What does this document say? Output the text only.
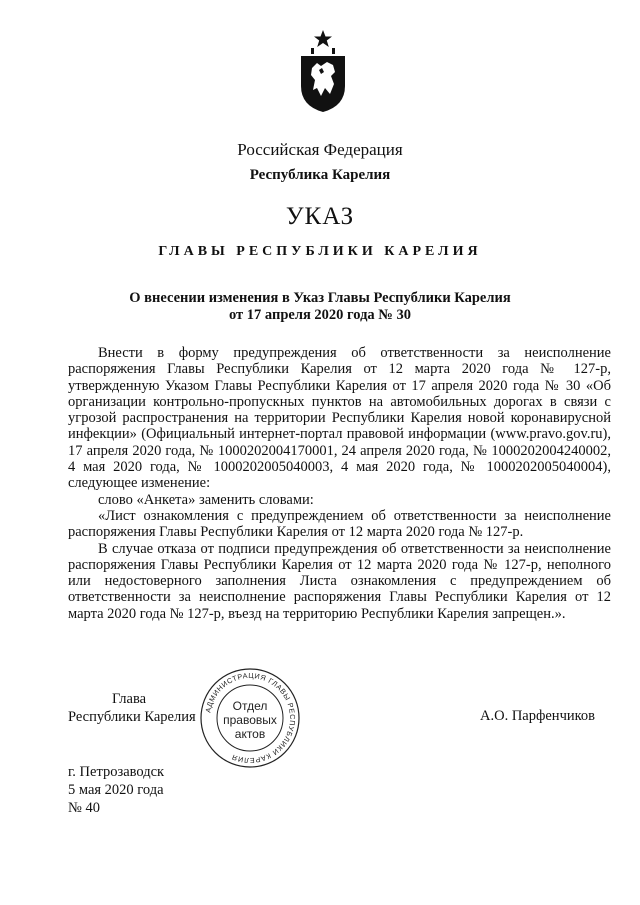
Российская Федерация
Республика Карелия
УКАЗ
ГЛАВЫ РЕСПУБЛИКИ КАРЕЛИЯ
О внесении изменения в Указ Главы Республики Карелия
от 17 апреля 2020 года № 30

Внести в форму предупреждения об ответственности за неисполнение распоряжения Главы Республики Карелия от 12 марта 2020 года № 127-р, утвержденную Указом Главы Республики Карелия от 17 апреля 2020 года № 30 «Об организации контрольно-пропускных пунктов на автомобильных дорогах в связи с угрозой распространения на территории Республики Карелия новой коронавирусной инфекции» (Официальный интернет-портал правовой информации (www.pravo.gov.ru), 17 апреля 2020 года, № 1000202004170001, 24 апреля 2020 года, № 1000202004240002, 4 мая 2020 года, № 1000202005040003, 4 мая 2020 года, № 1000202005040004), следующее изменение:

слово «Анкета» заменить словами:

«Лист ознакомления с предупреждением об ответственности за неисполнение распоряжения Главы Республики Карелия от 12 марта 2020 года № 127-р.

В случае отказа от подписи предупреждения об ответственности за неисполнение распоряжения Главы Республики Карелия от 12 марта 2020 года № 127-р, неполного или недостоверного заполнения Листа ознакомления с предупреждением об ответственности за неисполнение распоряжения Главы Республики Карелия от 12 марта 2020 года № 127-р, въезд на территорию Республики Карелия запрещен.».

Глава
Республики Карелия АДМИНИСТРАЦИЯ ГЛАВЫ РЕСПУБЛИКИ КАРЕЛИЯ
Отдел
правовых
актов
А.О. Парфенчиков
г. Петрозаводск
5 мая 2020 года
№ 40
